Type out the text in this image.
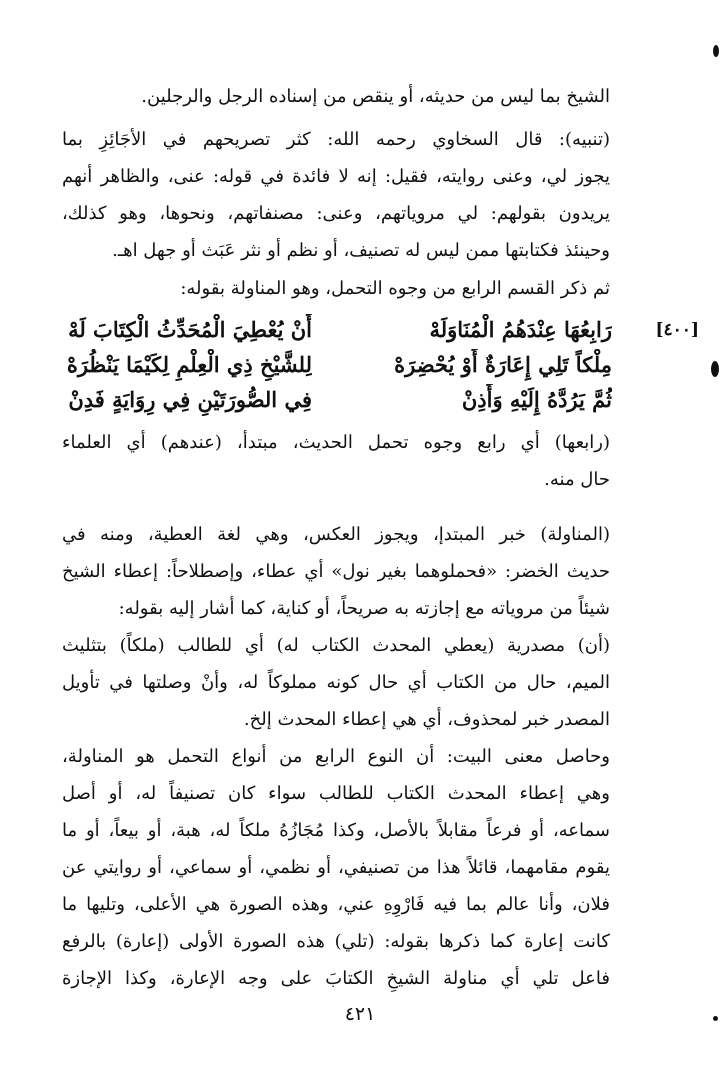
الشيخ بما ليس من حديثه، أو ينقص من إسناده الرجل والرجلين.
(تنبيه): قال السخاوي رحمه الله: كثر تصريحهم في الأجَائِزِ بما
يجوز لي، وعنى روايته، فقيل: إنه لا فائدة في قوله: عنى، والظاهر أنهم
يريدون بقولهم: لي مروياتهم، وعنى: مصنفاتهم، ونحوها، وهو كذلك،
وحينئذ فكتابتها ممن ليس له تصنيف، أو نظم أو نثر عَبَث أو جهل اهـ.
ثم ذكر القسم الرابع من وجوه التحمل، وهو المناولة بقوله:
[٤٠٠]
رَابِعُهَا عِنْدَهُمُ الْمُنَاوَلَهْ
أَنْ يُعْطِيَ الْمُحَدِّثُ الْكِتَابَ لَهْ
مِلْكاً تَلِي إِعَارَةٌ أَوْ يُحْضِرَهْ
لِلشَّيْخِ ذِي الْعِلْمِ لِكَيْمَا يَنْظُرَهْ
ثُمَّ يَرُدَّهُ إِلَيْهِ وَأَذِنْ
فِي الصُّورَتَيْنِ فِي رِوَايَةٍ فَدِنْ
(رابعها) أي رابع وجوه تحمل الحديث، مبتدأ، (عندهم) أي العلماء
حال منه.
(المناولة) خبر المبتدإ، ويجوز العكس، وهي لغة العطية، ومنه في
حديث الخضر: «فحملوهما بغير نول» أي عطاء، وإصطلاحاً: إعطاء الشيخ
شيئاً من مروياته مع إجازته به صريحاً، أو كناية، كما أشار إليه بقوله:
(أن) مصدرية (يعطي المحدث الكتاب له) أي للطالب (ملكاً) بتثليث
الميم، حال من الكتاب أي حال كونه مملوكاً له، وأنْ وصلتها في تأويل
المصدر خبر لمحذوف، أي هي إعطاء المحدث إلخ.
وحاصل معنى البيت: أن النوع الرابع من أنواع التحمل هو المناولة،
وهي إعطاء المحدث الكتاب للطالب سواء كان تصنيفاً له، أو أصل
سماعه، أو فرعاً مقابلاً بالأصل، وكذا مُجَازُهُ ملكاً له، هبة، أو بيعاً، أو ما
يقوم مقامهما، قائلاً هذا من تصنيفي، أو نظمي، أو سماعي، أو روايتي عن
فلان، وأنا عالم بما فيه فَارْوِهِ عني، وهذه الصورة هي الأعلى، وتليها ما
كانت إعارة كما ذكرها بقوله: (تلي) هذه الصورة الأولى (إعارة) بالرفع
فاعل تلي أي مناولة الشيخِ الكتابَ على وجه الإعارة، وكذا الإجازة
٤٢١
